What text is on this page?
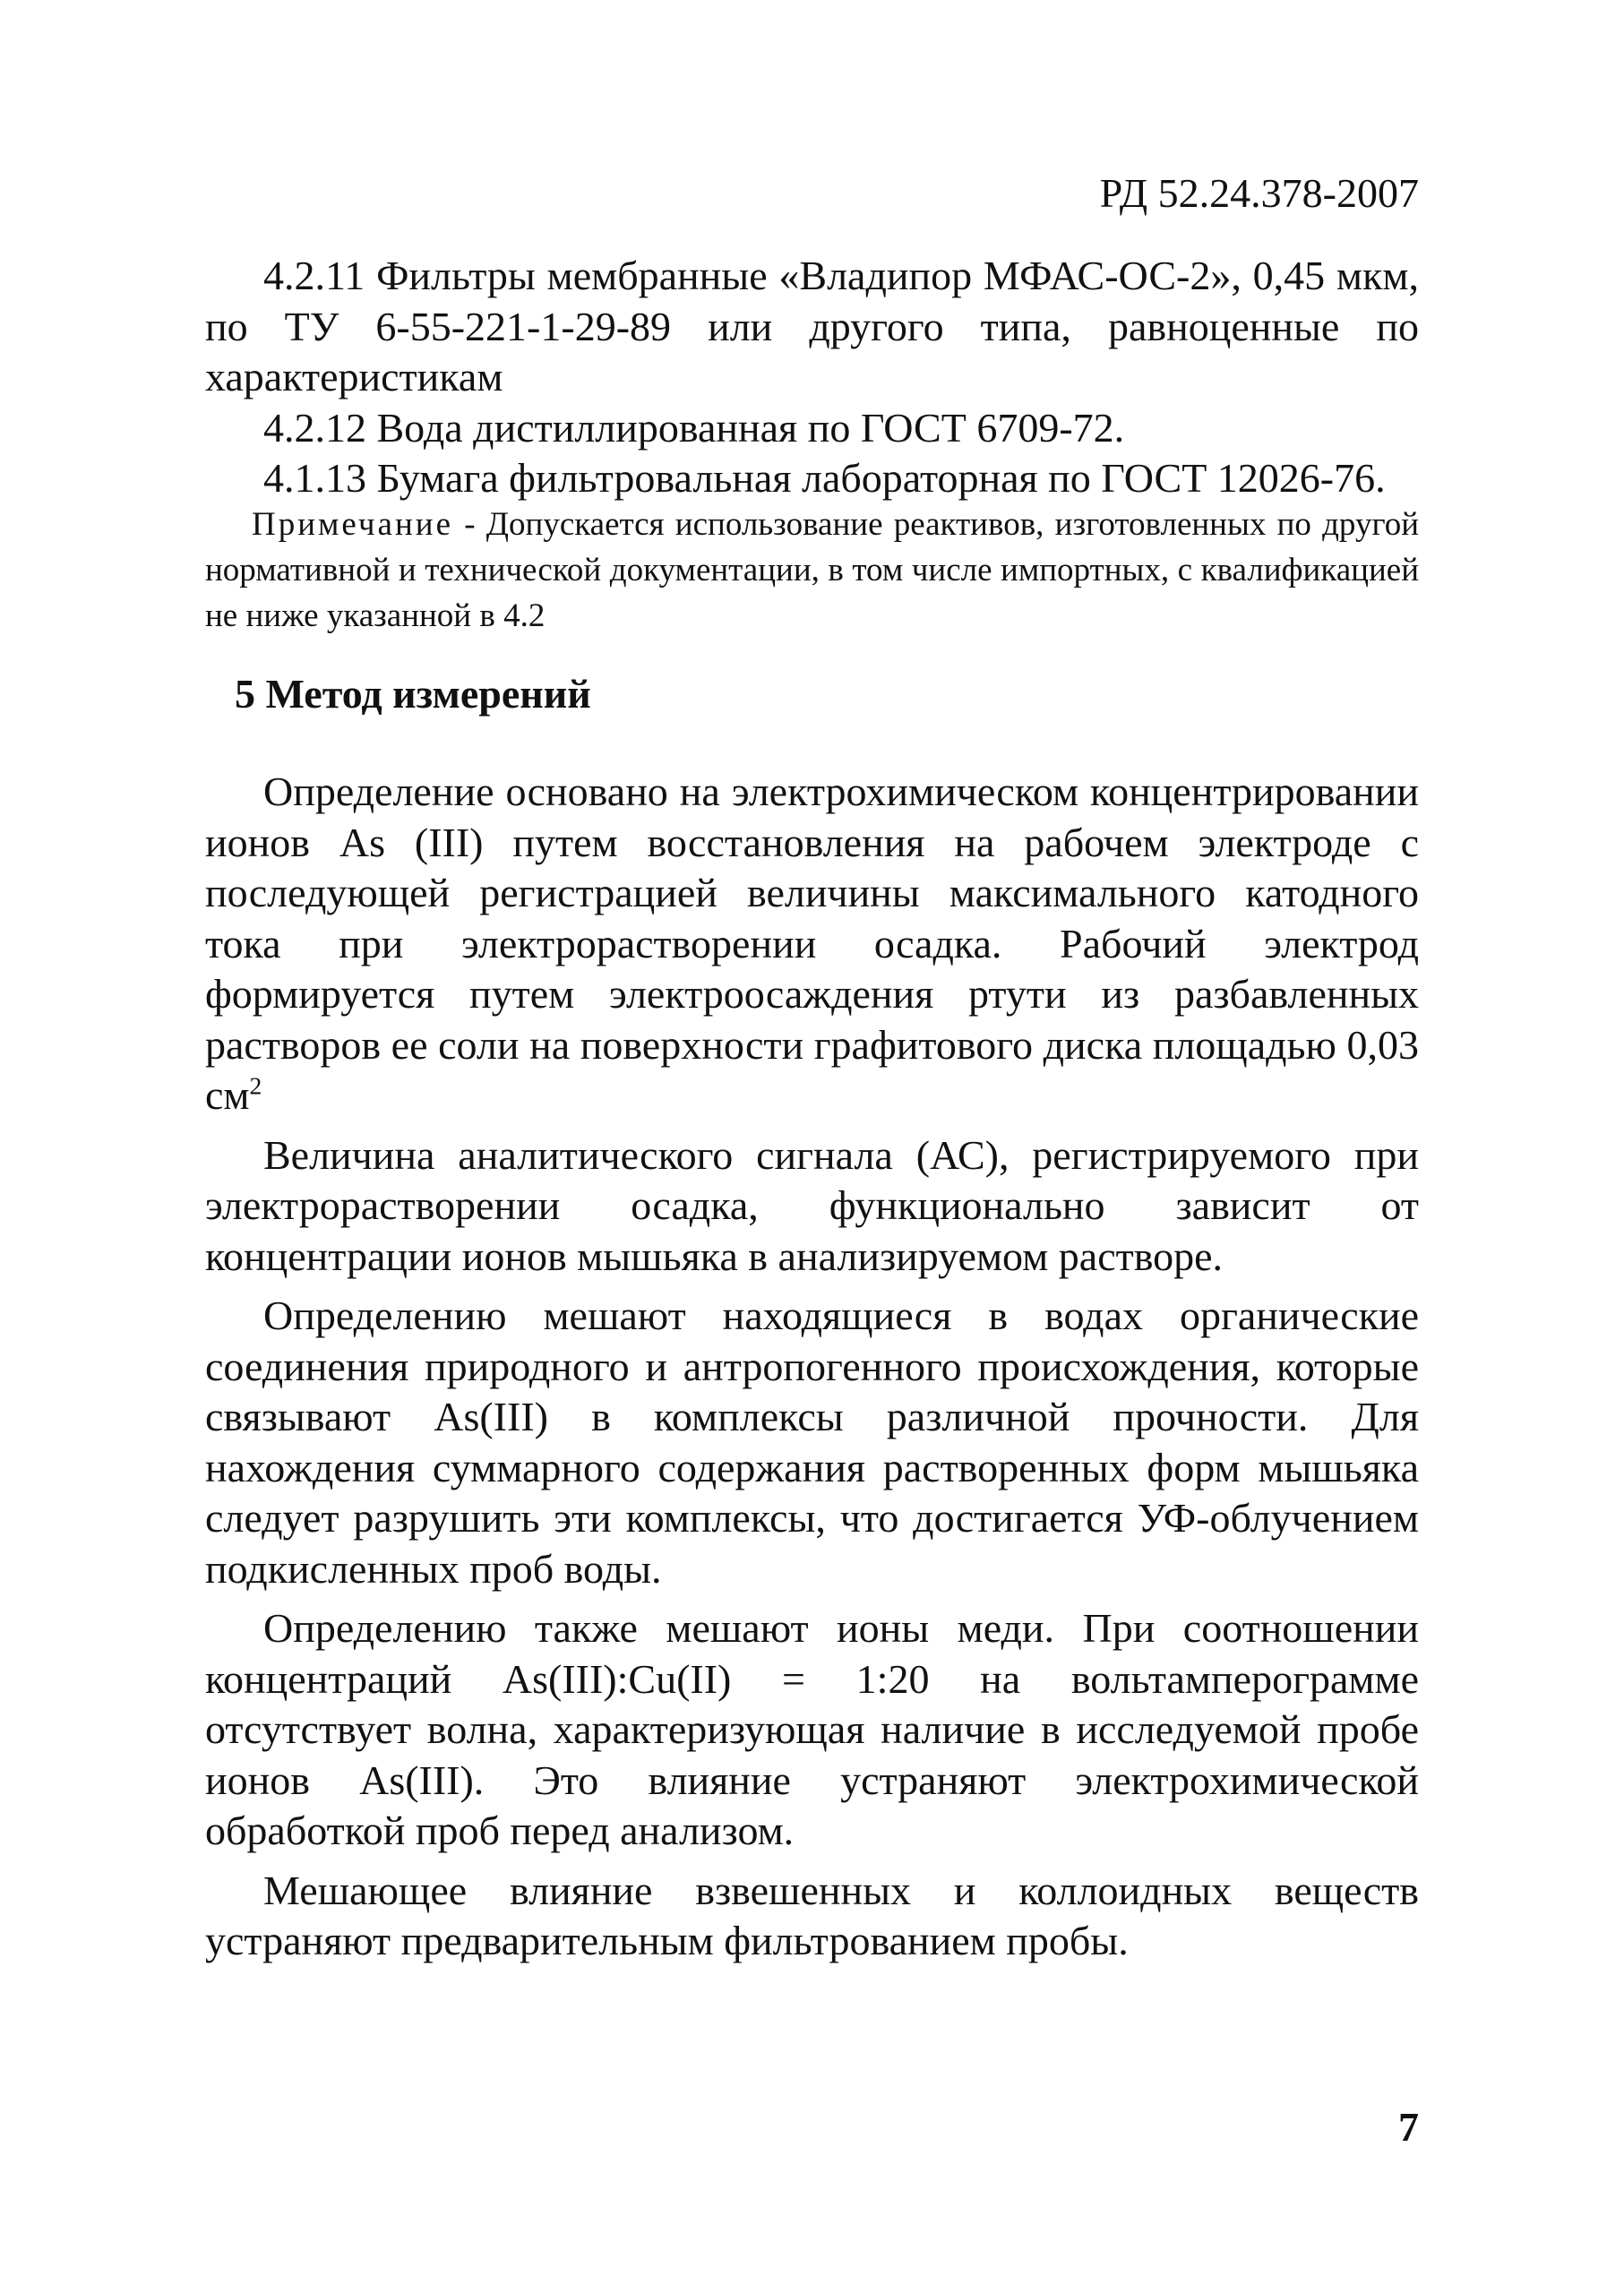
РД 52.24.378-2007

4.2.11 Фильтры мембранные «Владипор МФАС-ОС-2», 0,45 мкм, по ТУ 6-55-221-1-29-89 или другого типа, равноценные по характеристикам

4.2.12 Вода дистиллированная по ГОСТ 6709-72.

4.1.13 Бумага фильтровальная лабораторная по ГОСТ 12026-76.

Примечание - Допускается использование реактивов, изготовленных по другой нормативной и технической документации, в том числе импортных, с квалификацией не ниже указанной в 4.2

5 Метод измерений

Определение основано на электрохимическом концентрировании ионов As (III) путем восстановления на рабочем электроде с последующей регистрацией величины максимального катодного тока при электрорастворении осадка. Рабочий электрод формируется путем электроосаждения ртути из разбавленных растворов ее соли на поверхности графитового диска площадью 0,03 $см^2$

Величина аналитического сигнала (АС), регистрируемого при электрорастворении осадка, функционально зависит от концентрации ионов мышьяка в анализируемом растворе.

Определению мешают находящиеся в водах органические соединения природного и антропогенного происхождения, которые связывают As(III) в комплексы различной прочности. Для нахождения суммарного содержания растворенных форм мышьяка следует разрушить эти комплексы, что достигается УФ-облучением подкисленных проб воды.

Определению также мешают ионы меди. При соотношении концентраций As(III):Cu(II) = 1:20 на вольтамперограмме отсутствует волна, характеризующая наличие в исследуемой пробе ионов As(III). Это влияние устраняют электрохимической обработкой проб перед анализом.

Мешающее влияние взвешенных и коллоидных веществ устраняют предварительным фильтрованием пробы.

7
